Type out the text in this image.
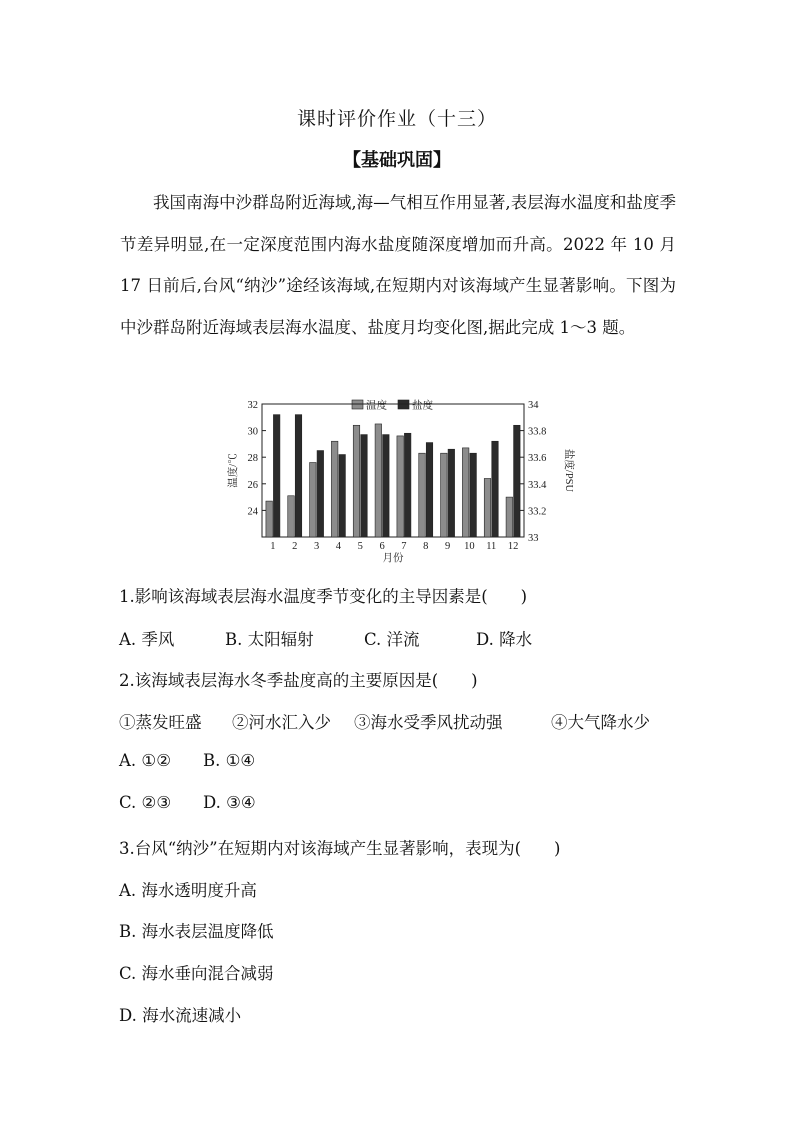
课时评价作业（十三）
【基础巩固】

我国南海中沙群岛附近海域,海—气相互作用显著,表层海水温度和盐度季节差异明显,在一定深度范围内海水盐度随深度增加而升高。2022 年 10 月 17 日前后,台风“纳沙”途经该海域,在短期内对该海域产生显著影响。下图为中沙群岛附近海域表层海水温度、盐度月均变化图,据此完成 1～3 题。

温度 盐度
24
26
28
30
32
33
33.2
33.4
33.6
33.8
34
1 2 3 4 5 6 7 8 9 10 11 12
月份
温度/℃	盐度/PSU

1.影响该海域表层海水温度季节变化的主导因素是(　　)

A. 季风	B. 太阳辐射	C. 洋流	D. 降水

2.该海域表层海水冬季盐度高的主要原因是(　　)

①蒸发旺盛 ②河水汇入少 ③海水受季风扰动强	④大气降水少

A. ①② B. ①④

C. ②③ D. ③④

3.台风“纳沙”在短期内对该海域产生显著影响，表现为(　　)

A. 海水透明度升高

B. 海水表层温度降低

C. 海水垂向混合减弱

D. 海水流速减小
